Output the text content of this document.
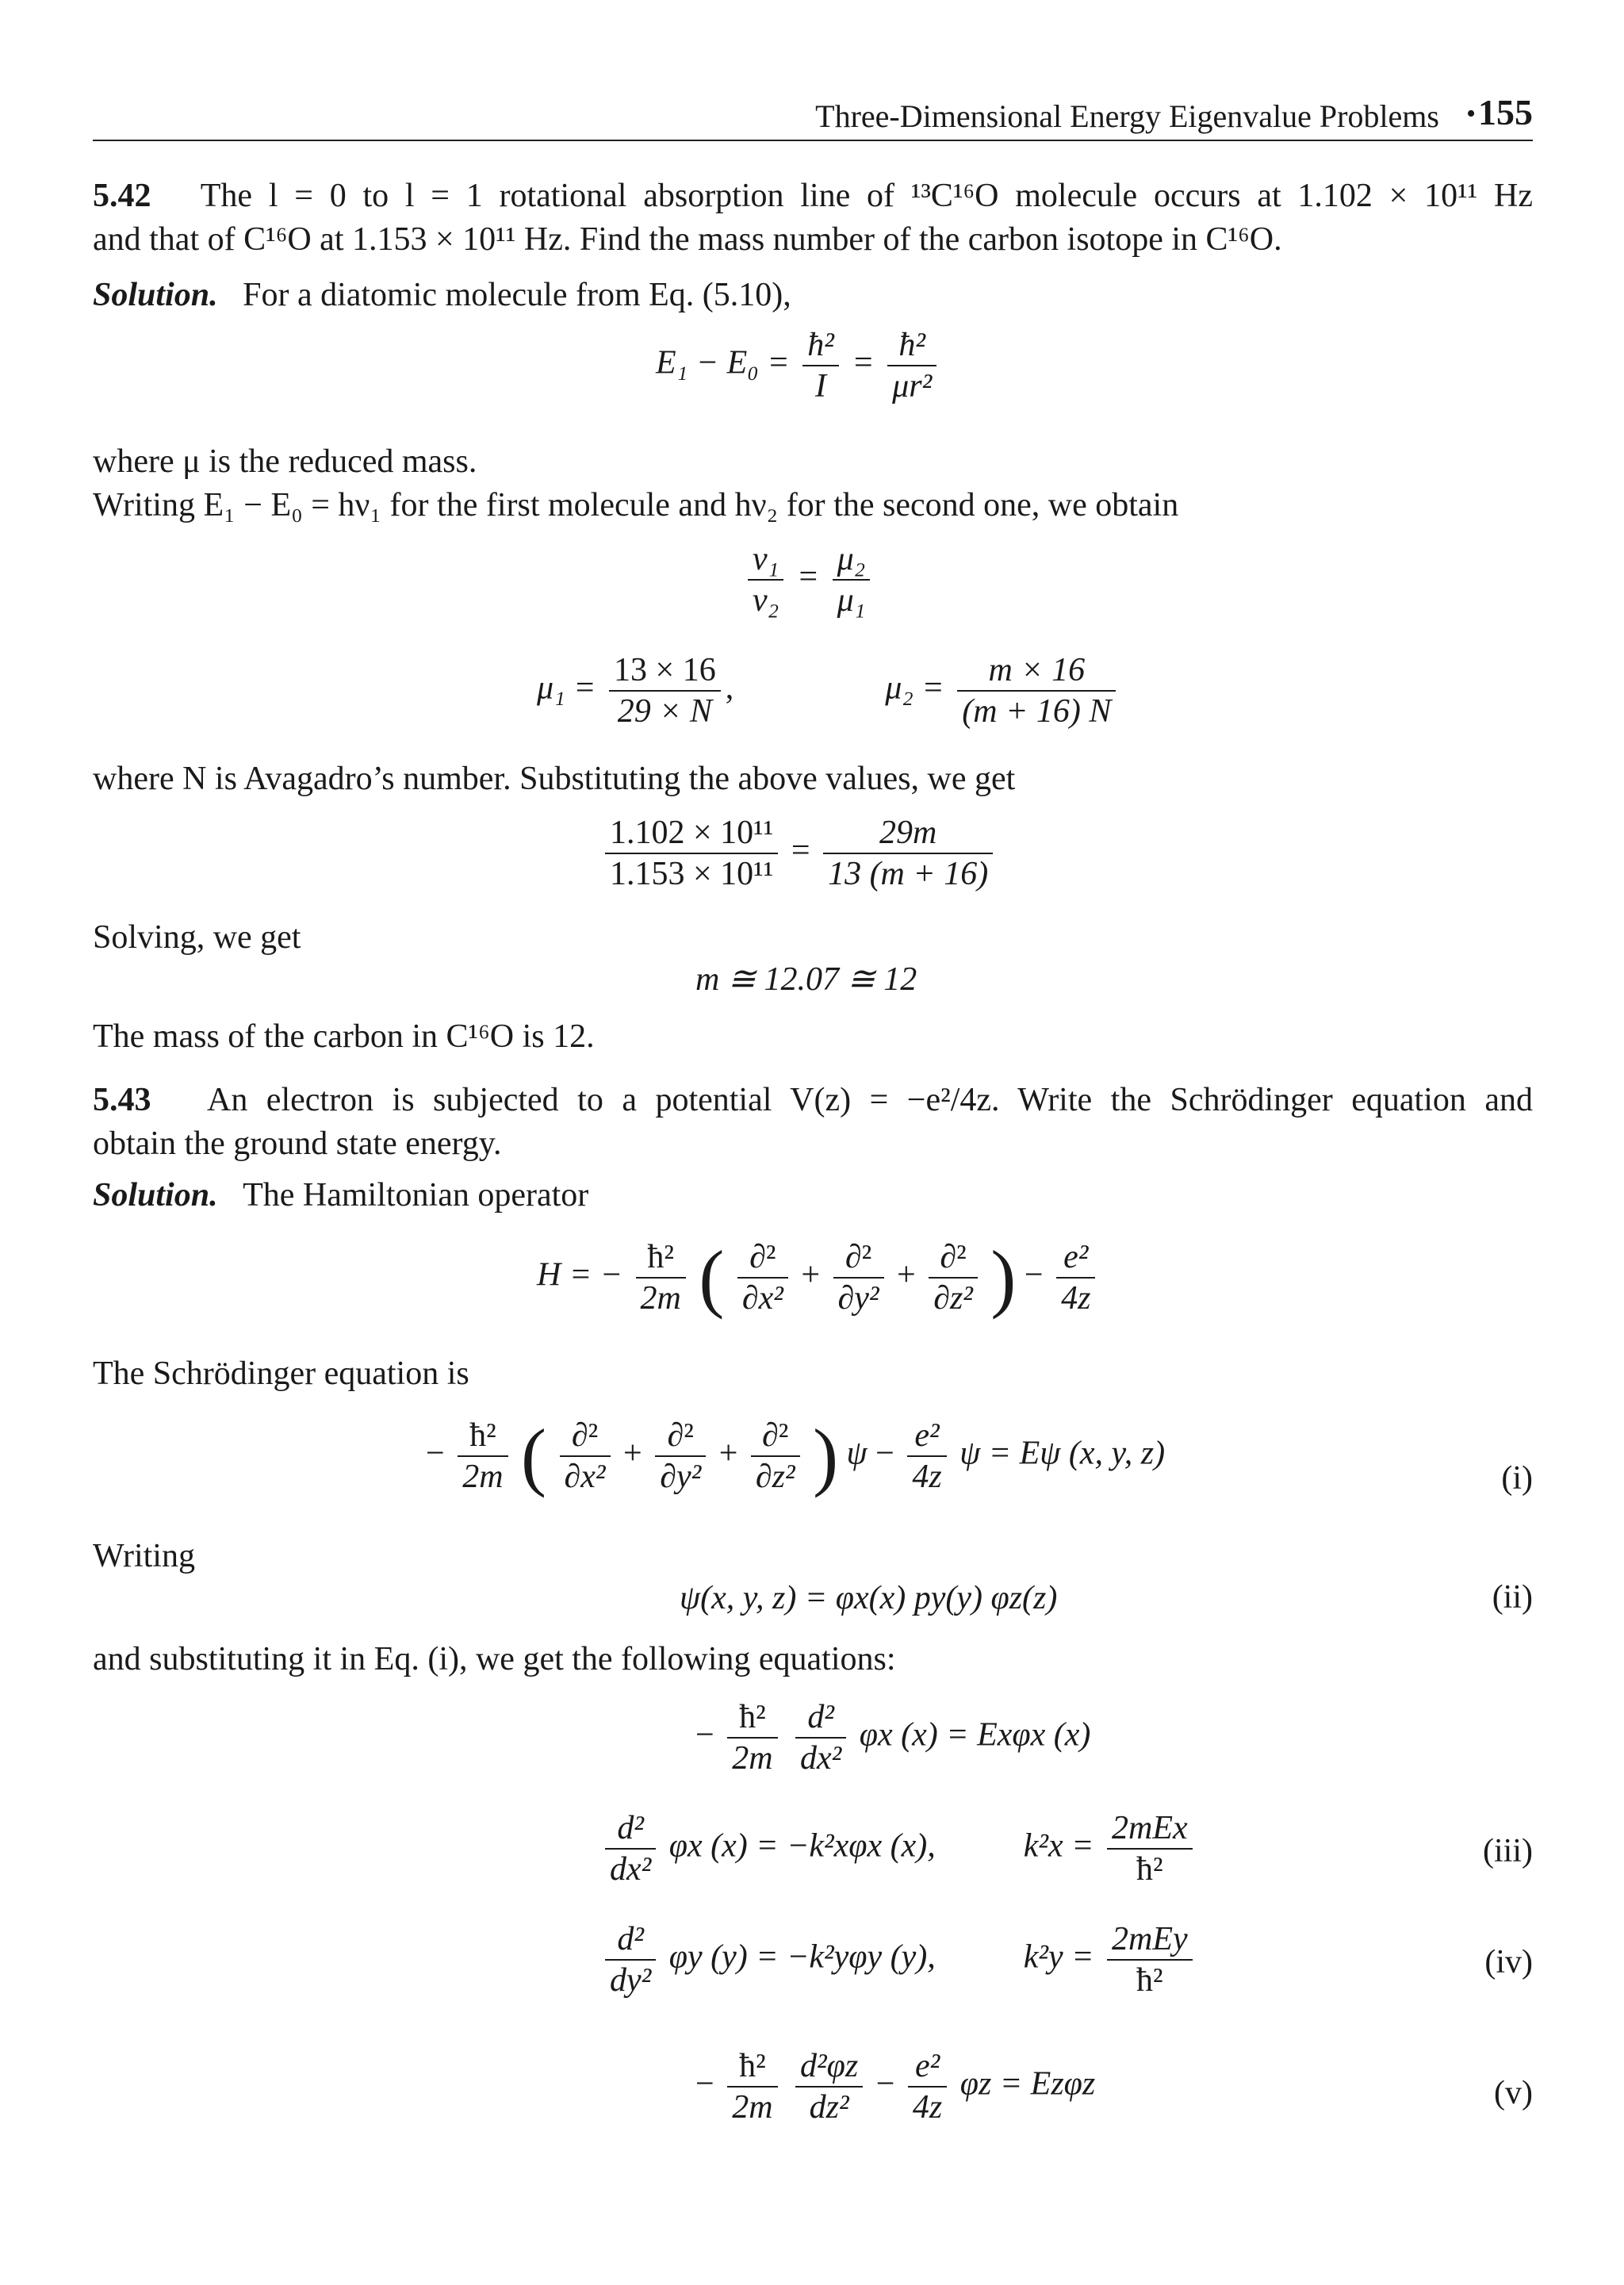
Three-Dimensional Energy Eigenvalue Problems • 155
5.42 The l = 0 to l = 1 rotational absorption line of ¹³C¹⁶O molecule occurs at 1.102 × 10¹¹ Hz
and that of C¹⁶O at 1.153 × 10¹¹ Hz. Find the mass number of the carbon isotope in C¹⁶O.
Solution. For a diatomic molecule from Eq. (5.10),
$E_1 - E_0 = \frac{\text{ħ²}}{I} = \frac{\text{ħ²}}{\text{μr²}}$
where μ is the reduced mass.
Writing E₁ − E₀ = hν₁ for the first molecule and hν₂ for the second one, we obtain
$\frac{\text{ν₁}}{\text{ν₂}} = \frac{\text{μ₂}}{\text{μ₁}}$
$\mu_1 = \frac{13 \times 16}{29 \times N}$ ,	$\mu_2 = \frac{m \times 16}{(m + 16) N}$
where N is Avagadro’s number. Substituting the above values, we get
$\frac{\text{1.102 × 10¹¹}}{\text{1.153 × 10¹¹}} = \frac{29m}{13 (m + 16)}$
Solving, we get
m ≅ 12.07 ≅ 12
The mass of the carbon in C¹⁶O is 12.
5.43 An electron is subjected to a potential V(z) = −e²/4z. Write the Schrödinger equation and
obtain the ground state energy.
Solution. The Hamiltonian operator
H = − $\frac{\text{ħ²}}{2m}$ ( $\frac{\text{∂²}}{\text{∂x²}} + \frac{\text{∂²}}{\text{∂y²}} + \frac{\text{∂²}}{\text{∂z²}}$ ) − $\frac{\text{e²}}{4z}$
The Schrödinger equation is
− $\frac{\text{ħ²}}{2m}$ ( $\frac{\text{∂²}}{\text{∂x²}} + \frac{\text{∂²}}{\text{∂y²}} + \frac{\text{∂²}}{\text{∂z²}}$ ) $\psi - \frac{\text{e²}}{4z}$ ψ = Eψ (x, y, z)
(i)
Writing
ψ(x, y, z) = φx(x) py(y) φz(z)	(ii)
and substituting it in Eq. (i), we get the following equations:
− $\frac{\text{ħ²}}{2m}$
$\frac{\text{d²}}{\text{dx²}}$ φx (x) = Exφx (x)
$\frac{\text{d²}}{\text{dx²}}$ φx (x) = −k²xφx (x),	$k^2x = \frac{\text{2mEx}}{\text{ħ²}}$	(iii)
$\frac{\text{d²}}{\text{dy²}}$ φy (y) = −k²yφy (y),	$k^2y = \frac{\text{2mEy}}{\text{ħ²}}$	(iv)
− $\frac{\text{ħ²}}{2m}$
$\frac{\text{d²φz}}{\text{dz²}} - \frac{\text{e²}}{4z}$ φz = Ezφz	(v)
